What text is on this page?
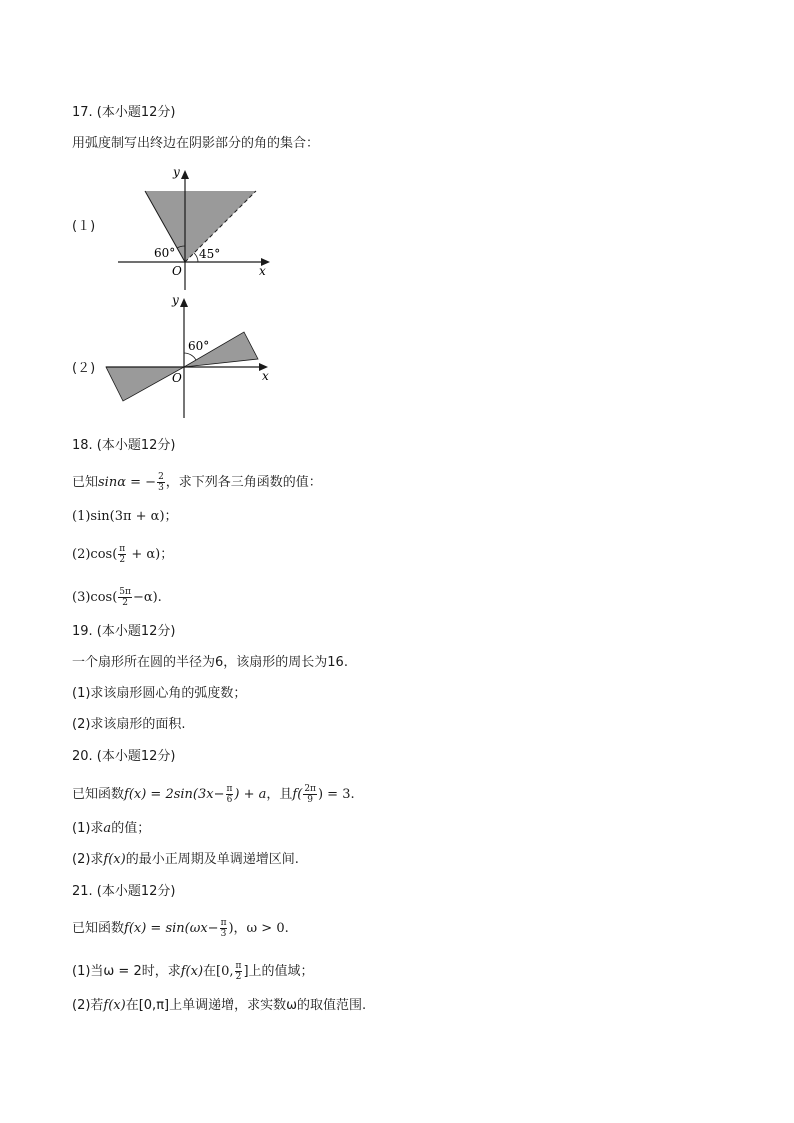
17. (本小题12分)
用弧度制写出终边在阴影部分的角的集合：
(１)
60° 45°
O	x
y
(２)
60°
O	x
y
18. (本小题12分)
已知sinα = − $\frac{2}{3}$ ，求下列各三角函数的值：
(1)sin(3π + α)；
$(2)\cos( \frac{\pi}{2} + \alpha)$；
$(3)\cos( \frac{5\pi}{2} -\alpha)$.
19. (本小题12分)
一个扇形所在圆的半径为6，该扇形的周长为16.
(1)求该扇形圆心角的弧度数；
(2)求该扇形的面积.
20. (本小题12分)
已知函数$f(x) = 2\sin(3x- \frac{\pi}{6}$ ) + a，且$f( \frac{2\pi}{9}$ ) = 3.
(1)求a的值；
(2)求f(x)的最小正周期及单调递增区间.
21. (本小题12分)
已知函数$f(x) = \sin(\omega x- \frac{\pi}{3}$ )，ω > 0.
(1)当ω = 2时，求f(x)在[0, $\frac{\pi}{2}$ ]上的值域；
(2)若f(x)在[0,π]上单调递增，求实数ω的取值范围.
